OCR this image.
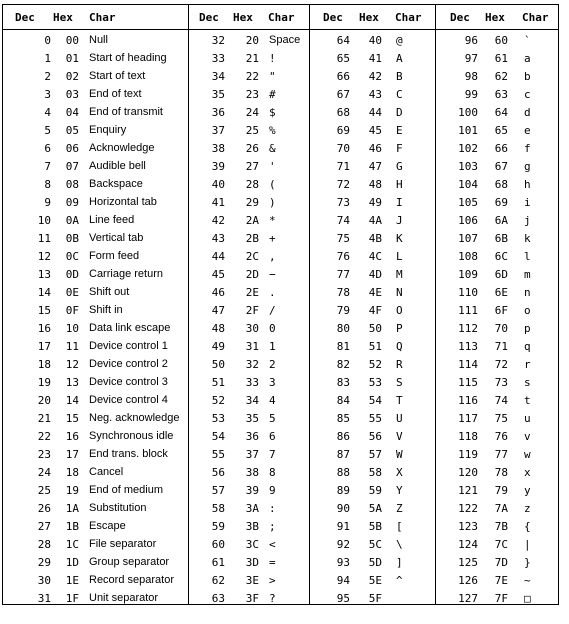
Dec Hex Char
0	00 Null
1	01 Start of heading
2	02 Start of text
3	03 End of text
4	04 End of transmit
5	05 Enquiry
6	06 Acknowledge
7	07 Audible bell
8	08 Backspace
9	09 Horizontal tab
10	0A Line feed
11	0B Vertical tab
12	0C Form feed
13	0D Carriage return
14	0E Shift out
15	0F Shift in
16	10 Data link escape
17	11 Device control 1
18	12 Device control 2
19	13 Device control 3
20	14 Device control 4
21	15 Neg. acknowledge
22	16 Synchronous idle
23	17 End trans. block
24	18 Cancel
25	19 End of medium
26	1A Substitution
27	1B Escape
28	1C File separator
29	1D Group separator
30	1E Record separator
31	1F Unit separator
Dec Hex Char
32	20 Space
33	21 !
34	22 "
35	23 #
36	24 $
37	25 %
38	26 &
39	27 '
40	28 (
41	29 )
42	2A *
43	2B +
44	2C ,
45	2D −
46	2E .
47	2F /
48	30 0
49	31 1
50	32 2
51	33 3
52	34 4
53	35 5
54	36 6
55	37 7
56	38 8
57	39 9
58	3A :
59	3B ;
60	3C <
61	3D =
62	3E >
63	3F ?
Dec Hex Char
64	40 @
65	41 A
66	42 B
67	43 C
68	44 D
69	45 E
70	46 F
71	47 G
72	48 H
73	49 I
74	4A J
75	4B K
76	4C L
77	4D M
78	4E N
79	4F O
80	50 P
81	51 Q
82	52 R
83	53 S
84	54 T
85	55 U
86	56 V
87	57 W
88	58 X
89	59 Y
90	5A Z
91	5B [
92	5C \
93	5D ]
94	5E ^
95	5F _
Dec Hex Char
96	60 `
97	61 a
98	62 b
99	63 c
100	64 d
101	65 e
102	66 f
103	67 g
104	68 h
105	69 i
106	6A j
107	6B k
108	6C l
109	6D m
110	6E n
111	6F o
112	70 p
113	71 q
114	72 r
115	73 s
116	74 t
117	75 u
118	76 v
119	77 w
120	78 x
121	79 y
122	7A z
123	7B {
124	7C |
125	7D }
126	7E ~
127	7F □
